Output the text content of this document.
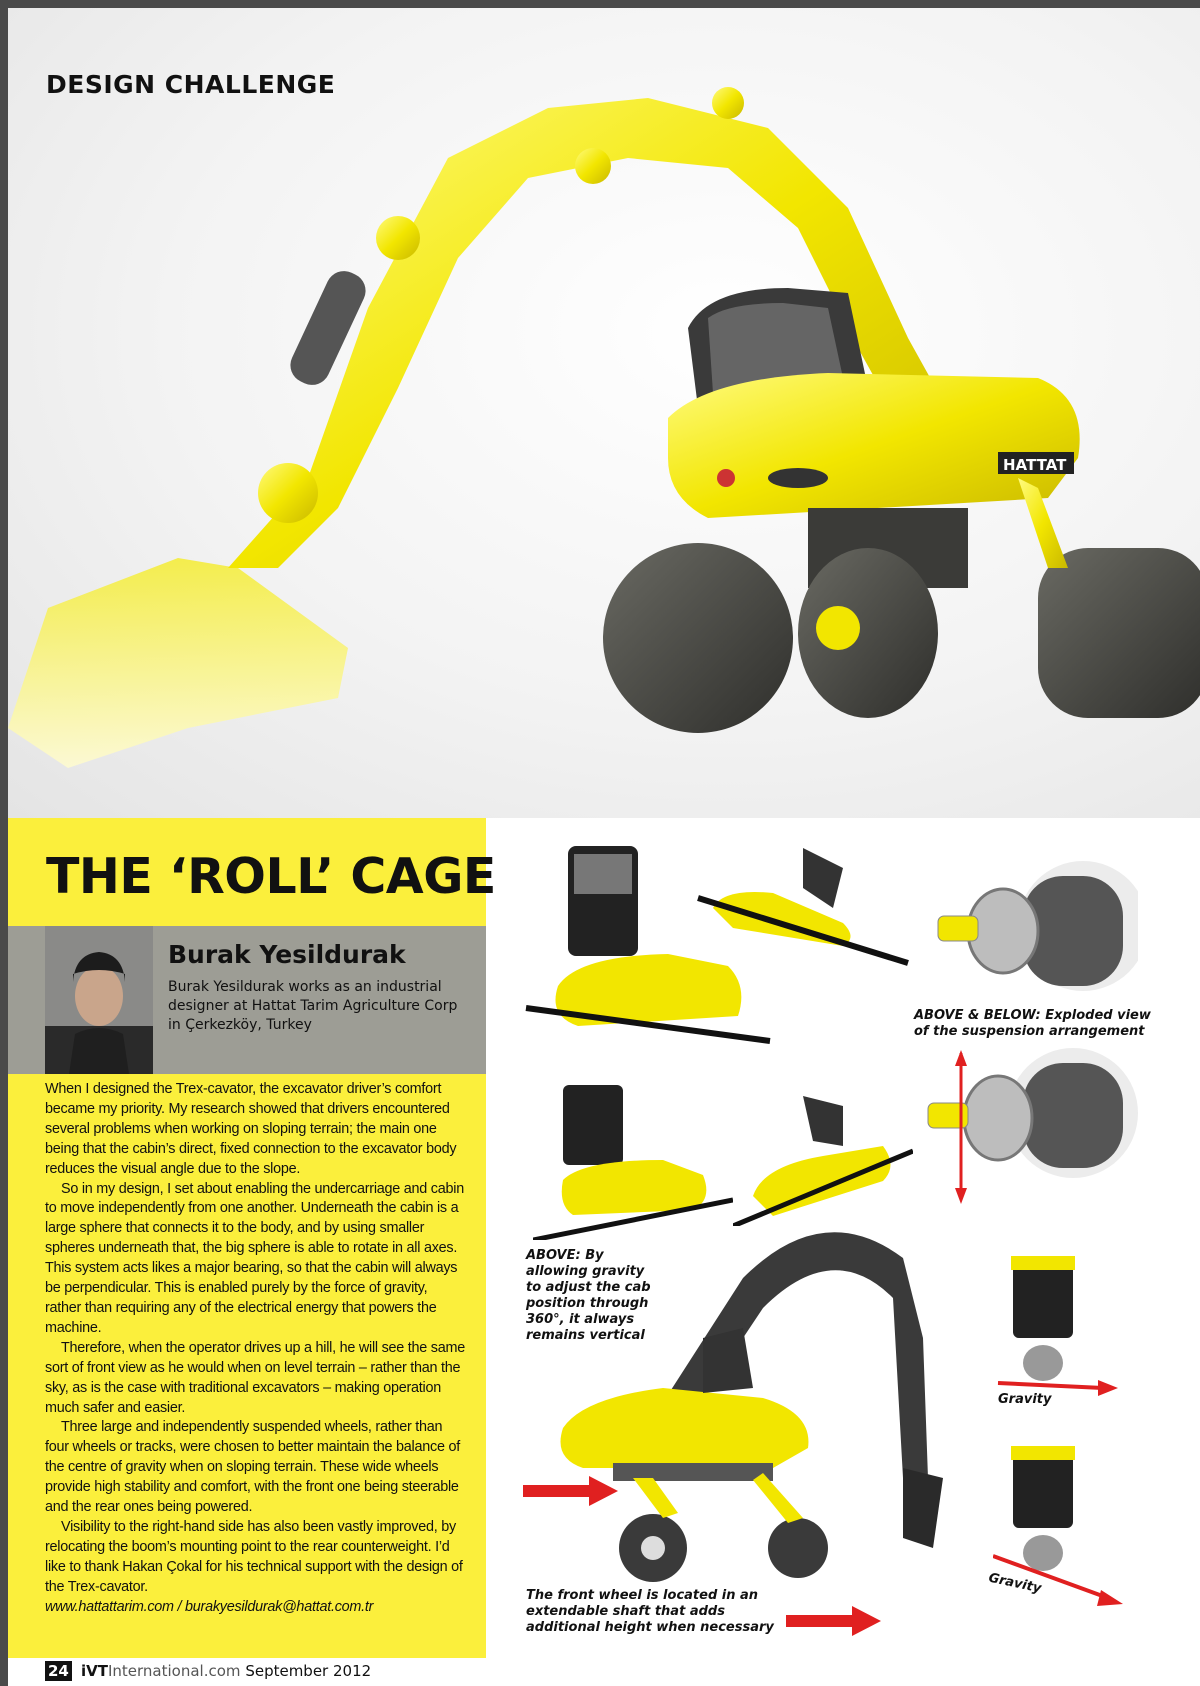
HATTAT
DESIGN CHALLENGE
THE ‘ROLL’ CAGE
Burak Yesildurak
Burak Yesildurak works as an industrial designer at Hattat Tarim Agriculture Corp in Çerkezköy, Turkey

When I designed the Trex-cavator, the excavator driver’s comfort became my priority. My research showed that drivers encountered several problems when working on sloping terrain; the main one being that the cabin’s direct, fixed connection to the excavator body reduces the visual angle due to the slope.

So in my design, I set about enabling the undercarriage and cabin to move independently from one another. Underneath the cabin is a large sphere that connects it to the body, and by using smaller spheres underneath that, the big sphere is able to rotate in all axes. This system acts likes a major bearing, so that the cabin will always be perpendicular. This is enabled purely by the force of gravity, rather than requiring any of the electrical energy that powers the machine.

Therefore, when the operator drives up a hill, he will see the same sort of front view as he would when on level terrain – rather than the sky, as is the case with traditional excavators – making operation much safer and easier.

Three large and independently suspended wheels, rather than four wheels or tracks, were chosen to better maintain the balance of the centre of gravity when on sloping terrain. These wide wheels provide high stability and comfort, with the front one being steerable and the rear ones being powered.

Visibility to the right-hand side has also been vastly improved, by relocating the boom’s mounting point to the rear counterweight. I’d like to thank Hakan Çokal for his technical support with the design of the Trex-cavator.

www.hattattarim.com / burakyesildurak@hattat.com.tr

ABOVE & BELOW: Exploded view of the suspension arrangement
ABOVE: By allowing gravity to adjust the cab position through 360°, it always remains vertical
The front wheel is located in an extendable shaft that adds additional height when necessary
Gravity
Gravity
24 iVTInternational.com September 2012
